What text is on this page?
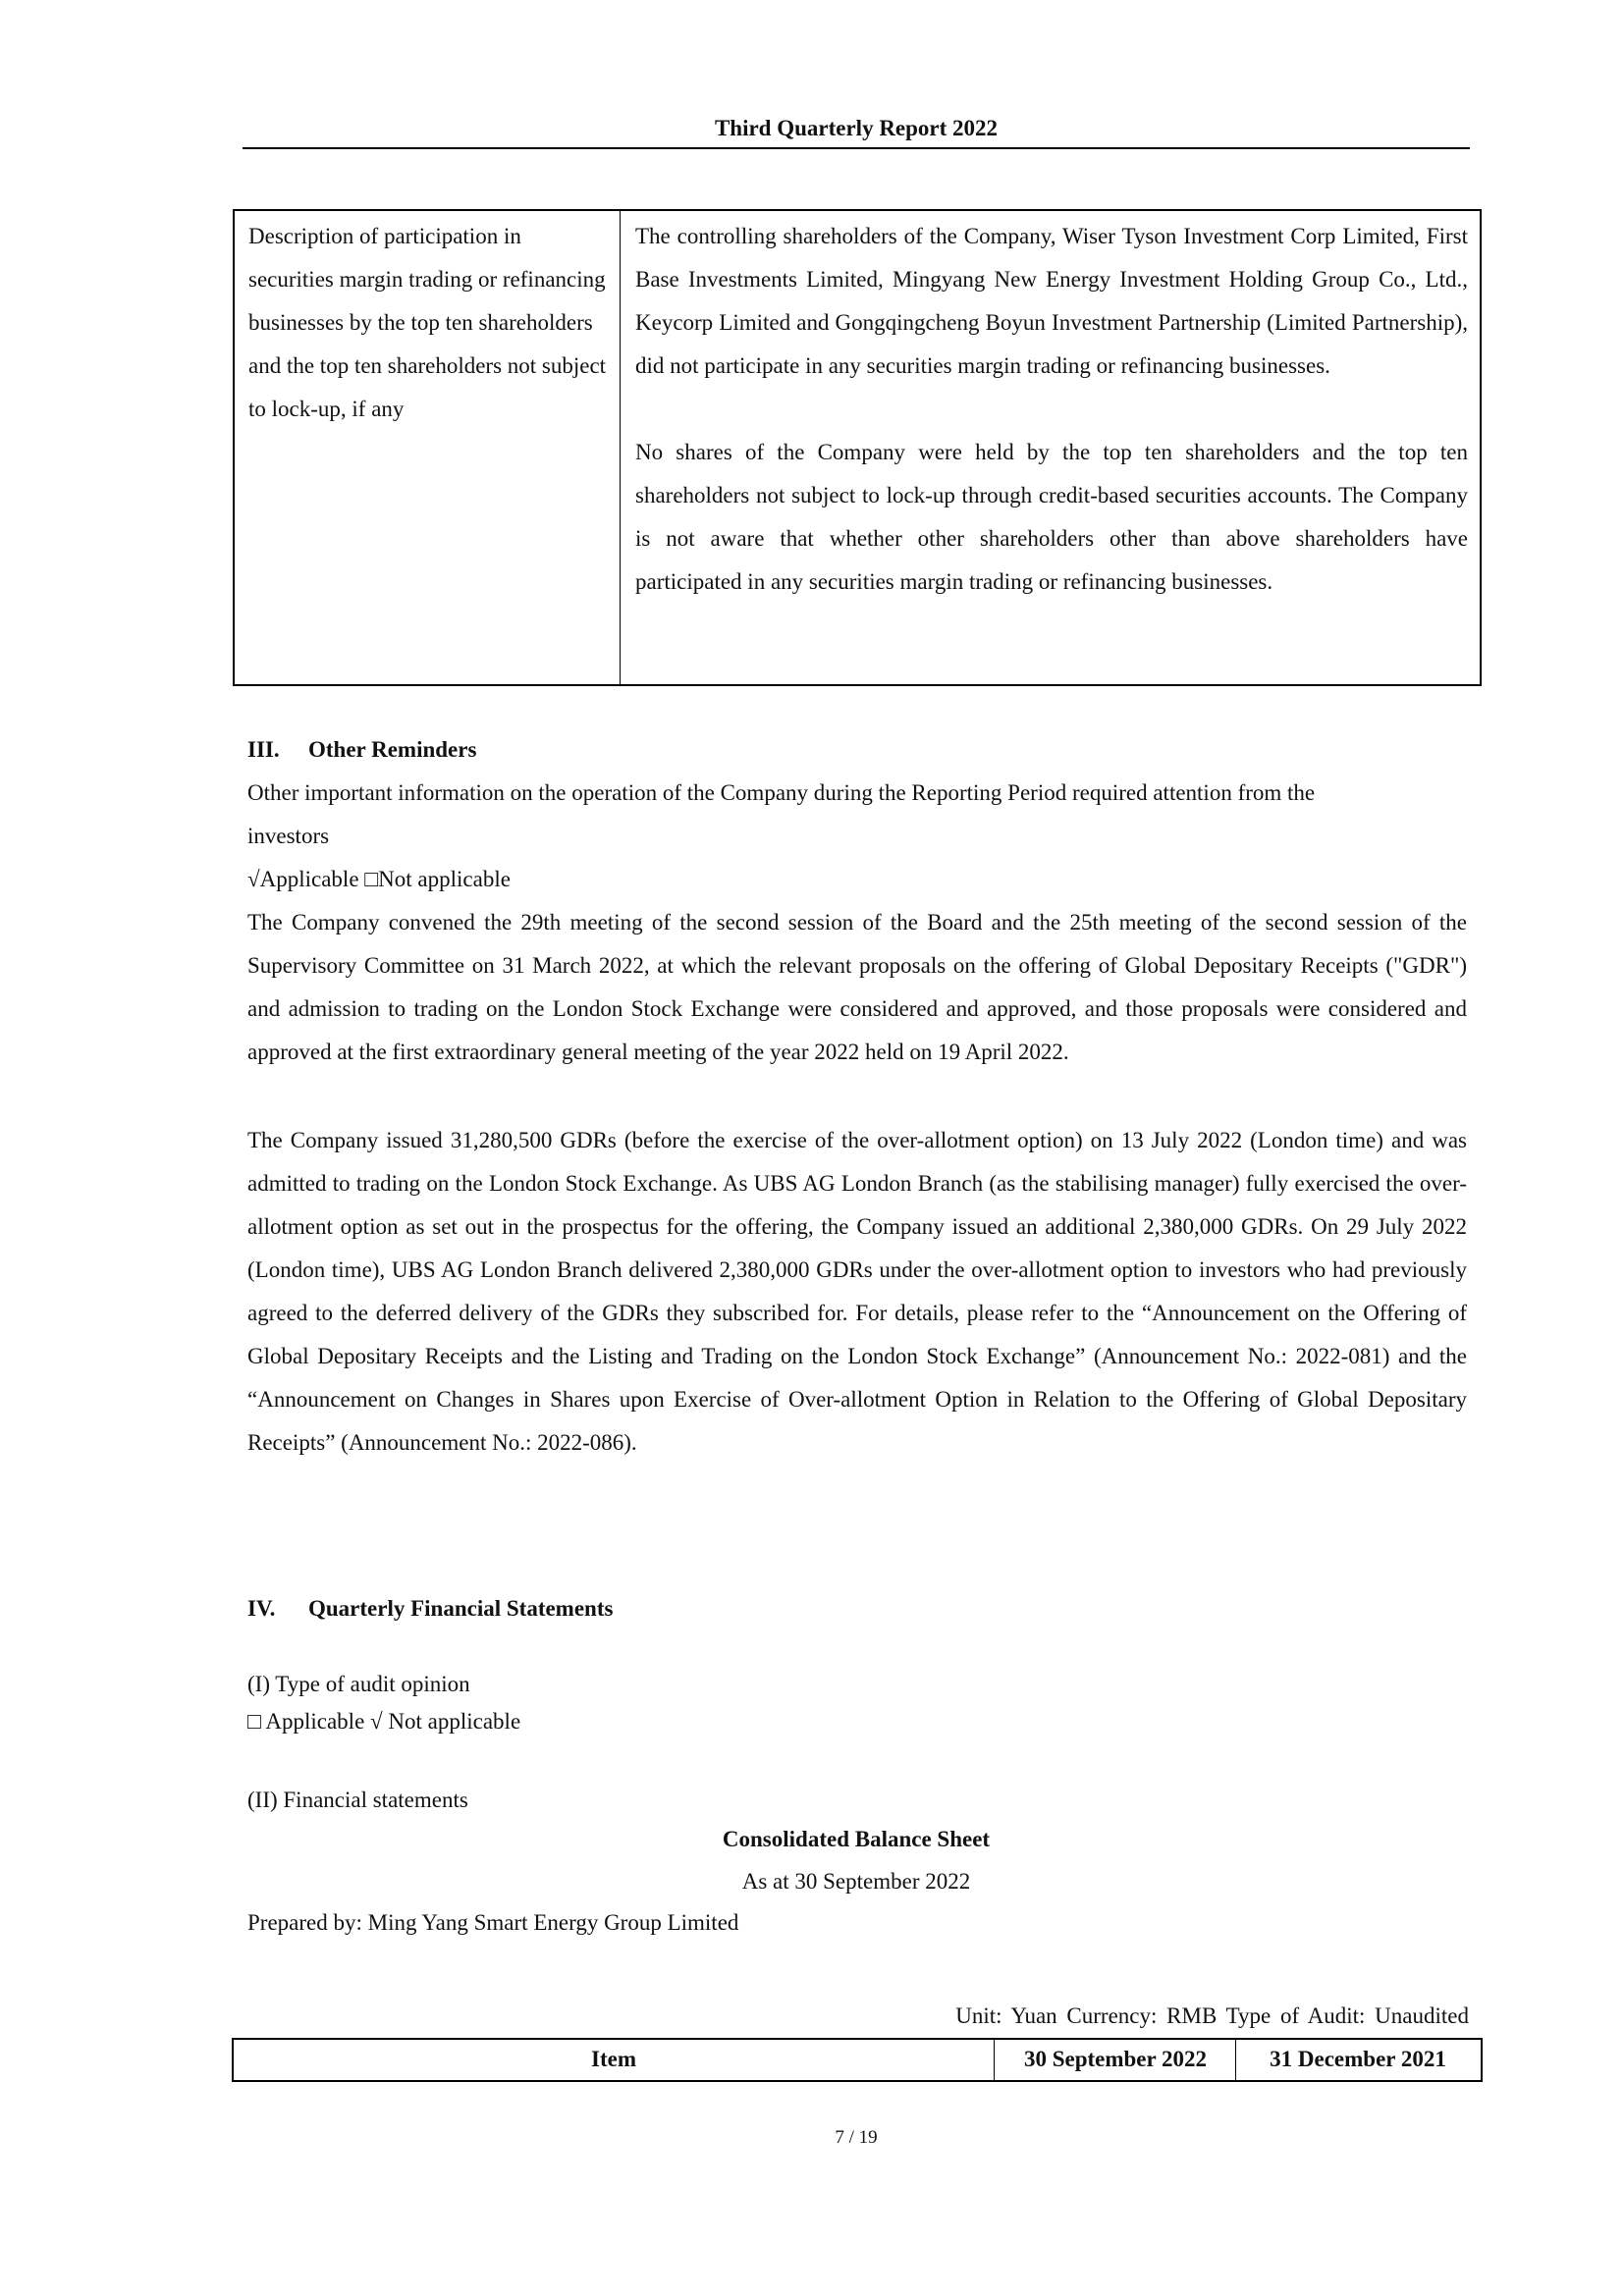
Third Quarterly Report 2022
Description of participation in securities margin trading or refinancing businesses by the top ten shareholders and the top ten shareholders not subject to lock-up, if any
The controlling shareholders of the Company, Wiser Tyson Investment Corp Limited, First Base Investments Limited, Mingyang New Energy Investment Holding Group Co., Ltd., Keycorp Limited and Gongqingcheng Boyun Investment Partnership (Limited Partnership), did not participate in any securities margin trading or refinancing businesses.
No shares of the Company were held by the top ten shareholders and the top ten shareholders not subject to lock-up through credit-based securities accounts. The Company is not aware that whether other shareholders other than above shareholders have participated in any securities margin trading or refinancing businesses.
III. Other Reminders
Other important information on the operation of the Company during the Reporting Period required attention from the
investors
√Applicable □Not applicable
The Company convened the 29th meeting of the second session of the Board and the 25th meeting of the second session of the Supervisory Committee on 31 March 2022, at which the relevant proposals on the offering of Global Depositary Receipts ("GDR") and admission to trading on the London Stock Exchange were considered and approved, and those proposals were considered and approved at the first extraordinary general meeting of the year 2022 held on 19 April 2022.
The Company issued 31,280,500 GDRs (before the exercise of the over-allotment option) on 13 July 2022 (London time) and was admitted to trading on the London Stock Exchange. As UBS AG London Branch (as the stabilising manager) fully exercised the over-allotment option as set out in the prospectus for the offering, the Company issued an additional 2,380,000 GDRs. On 29 July 2022 (London time), UBS AG London Branch delivered 2,380,000 GDRs under the over-allotment option to investors who had previously agreed to the deferred delivery of the GDRs they subscribed for. For details, please refer to the “Announcement on the Offering of Global Depositary Receipts and the Listing and Trading on the London Stock Exchange” (Announcement No.: 2022-081) and the “Announcement on Changes in Shares upon Exercise of Over-allotment Option in Relation to the Offering of Global Depositary Receipts” (Announcement No.: 2022-086).
IV. Quarterly Financial Statements
(I) Type of audit opinion
□ Applicable √ Not applicable
(II) Financial statements
Consolidated Balance Sheet
As at 30 September 2022
Prepared by: Ming Yang Smart Energy Group Limited
Unit: Yuan Currency: RMB Type of Audit: Unaudited
Item	30 September 2022	31 December 2021
7 / 19
